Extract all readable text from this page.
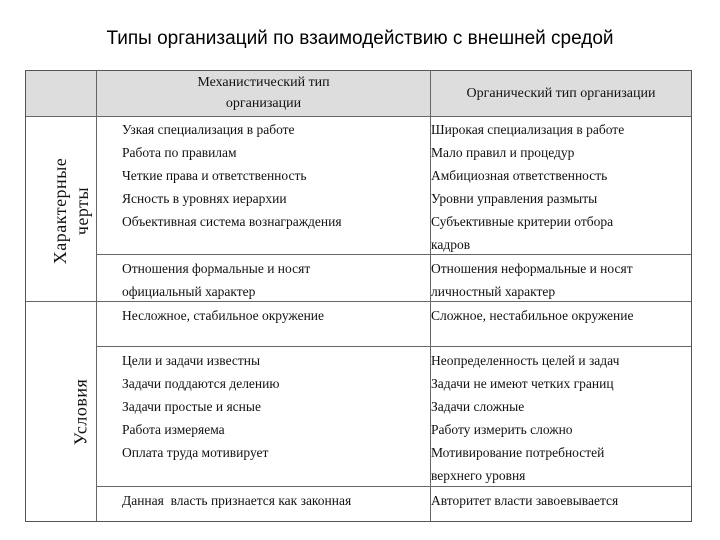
Типы организаций по взаимодействию с внешней средой
Механистический тип
организации
Органический тип организации
Характерные черты
Условия
Узкая специализация в работе
Работа по правилам
Четкие права и ответственность
Ясность в уровнях иерархии
Объективная система вознаграждения
Широкая специализация в работе
Мало правил и процедур
Амбициозная ответственность
Уровни управления размыты
Субъективные критерии отбора
кадров
Отношения формальные и носят
официальный характер
Отношения неформальные и носят
личностный характер
Несложное, стабильное окружение	Сложное, нестабильное окружение
Цели и задачи известны
Задачи поддаются делению
Задачи простые и ясные
Работа измеряема
Оплата труда мотивирует
Неопределенность целей и задач
Задачи не имеют четких границ
Задачи сложные
Работу измерить сложно
Мотивирование потребностей
верхнего уровня
Данная  власть признается как законная	Авторитет власти завоевывается
